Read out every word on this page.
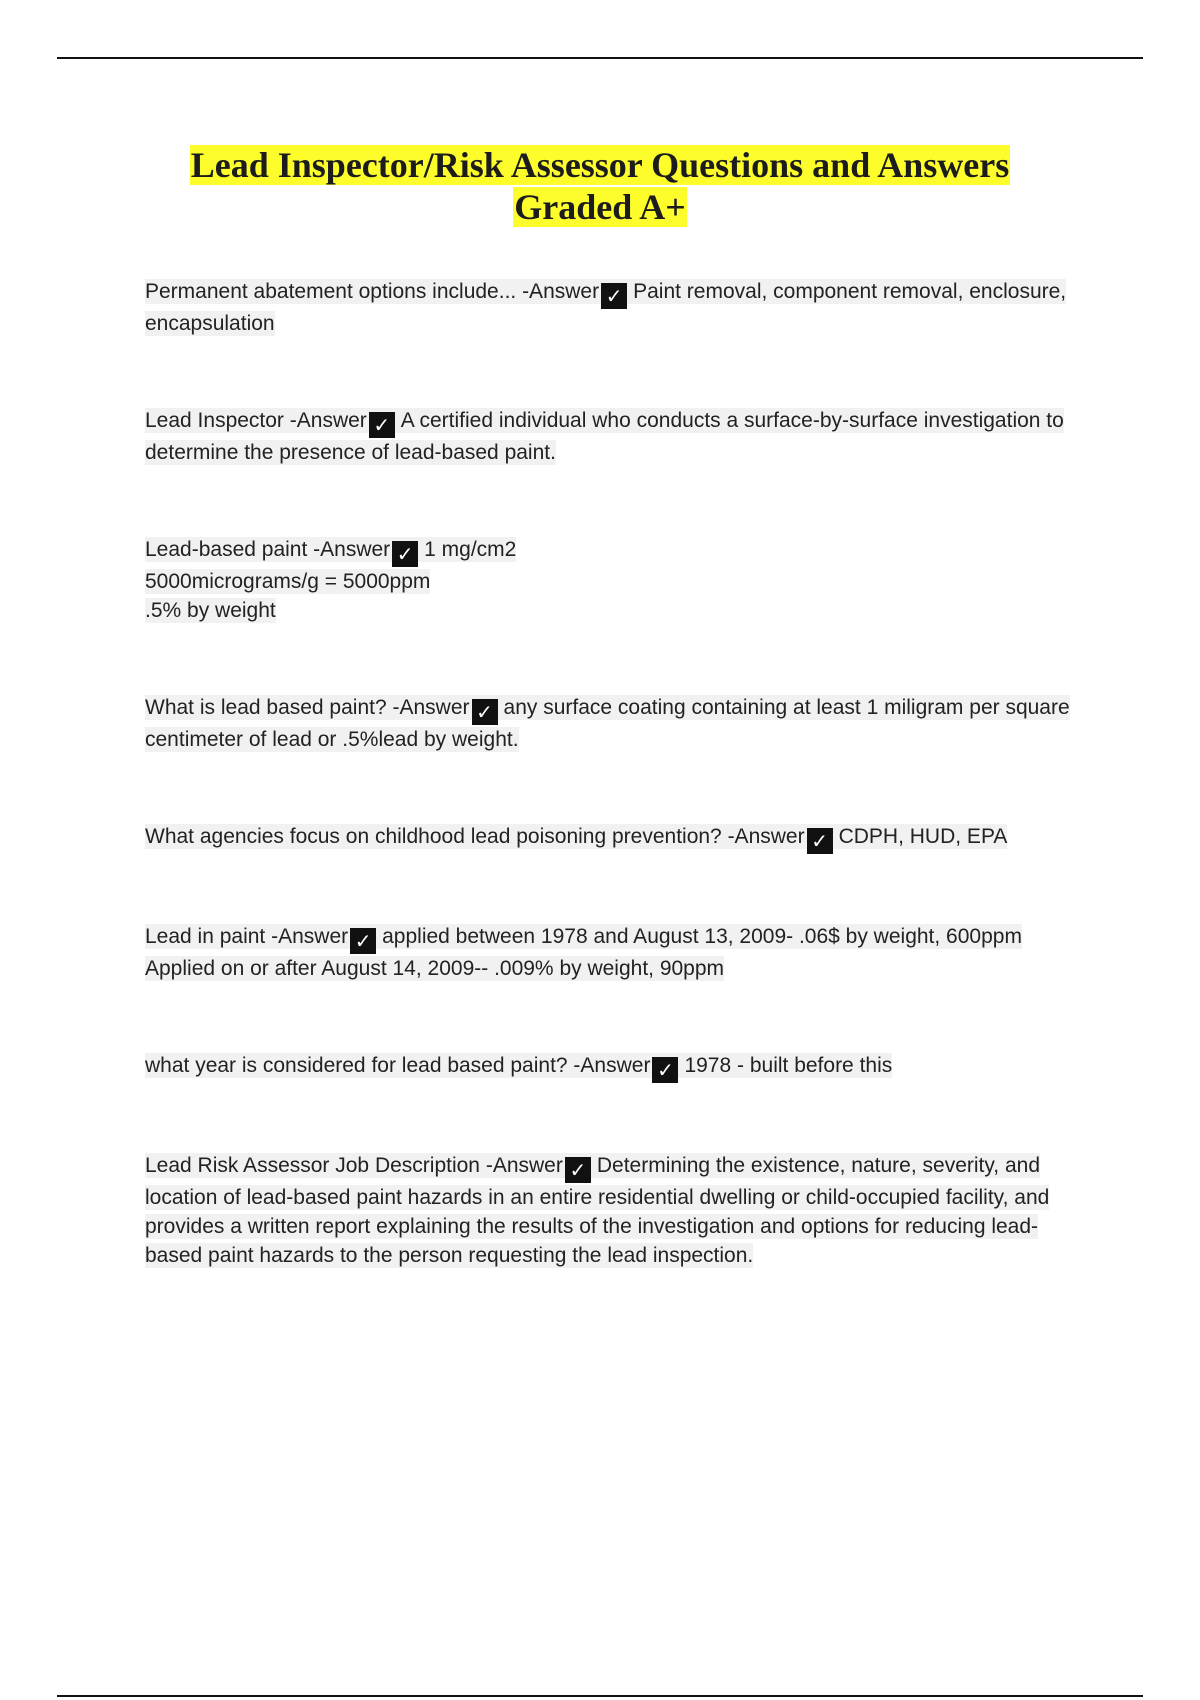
Lead Inspector/Risk Assessor Questions and Answers
Graded A+

Permanent abatement options include... -Answer ✓ Paint removal, component removal, enclosure, encapsulation

Lead Inspector -Answer ✓ A certified individual who conducts a surface-by-surface investigation to determine the presence of lead-based paint.

Lead-based paint -Answer ✓ 1 mg/cm2

5000micrograms/g = 5000ppm

.5% by weight

What is lead based paint? -Answer ✓ any surface coating containing at least 1 miligram per square centimeter of lead or .5%lead by weight.

What agencies focus on childhood lead poisoning prevention? -Answer ✓ CDPH, HUD, EPA

Lead in paint -Answer ✓ applied between 1978 and August 13, 2009- .06$ by weight, 600ppm

Applied on or after August 14, 2009-- .009% by weight, 90ppm

what year is considered for lead based paint? -Answer ✓ 1978 - built before this

Lead Risk Assessor Job Description -Answer ✓ Determining the existence, nature, severity, and location of lead-based paint hazards in an entire residential dwelling or child-occupied facility, and provides a written report explaining the results of the investigation and options for reducing lead-based paint hazards to the person requesting the lead inspection.
